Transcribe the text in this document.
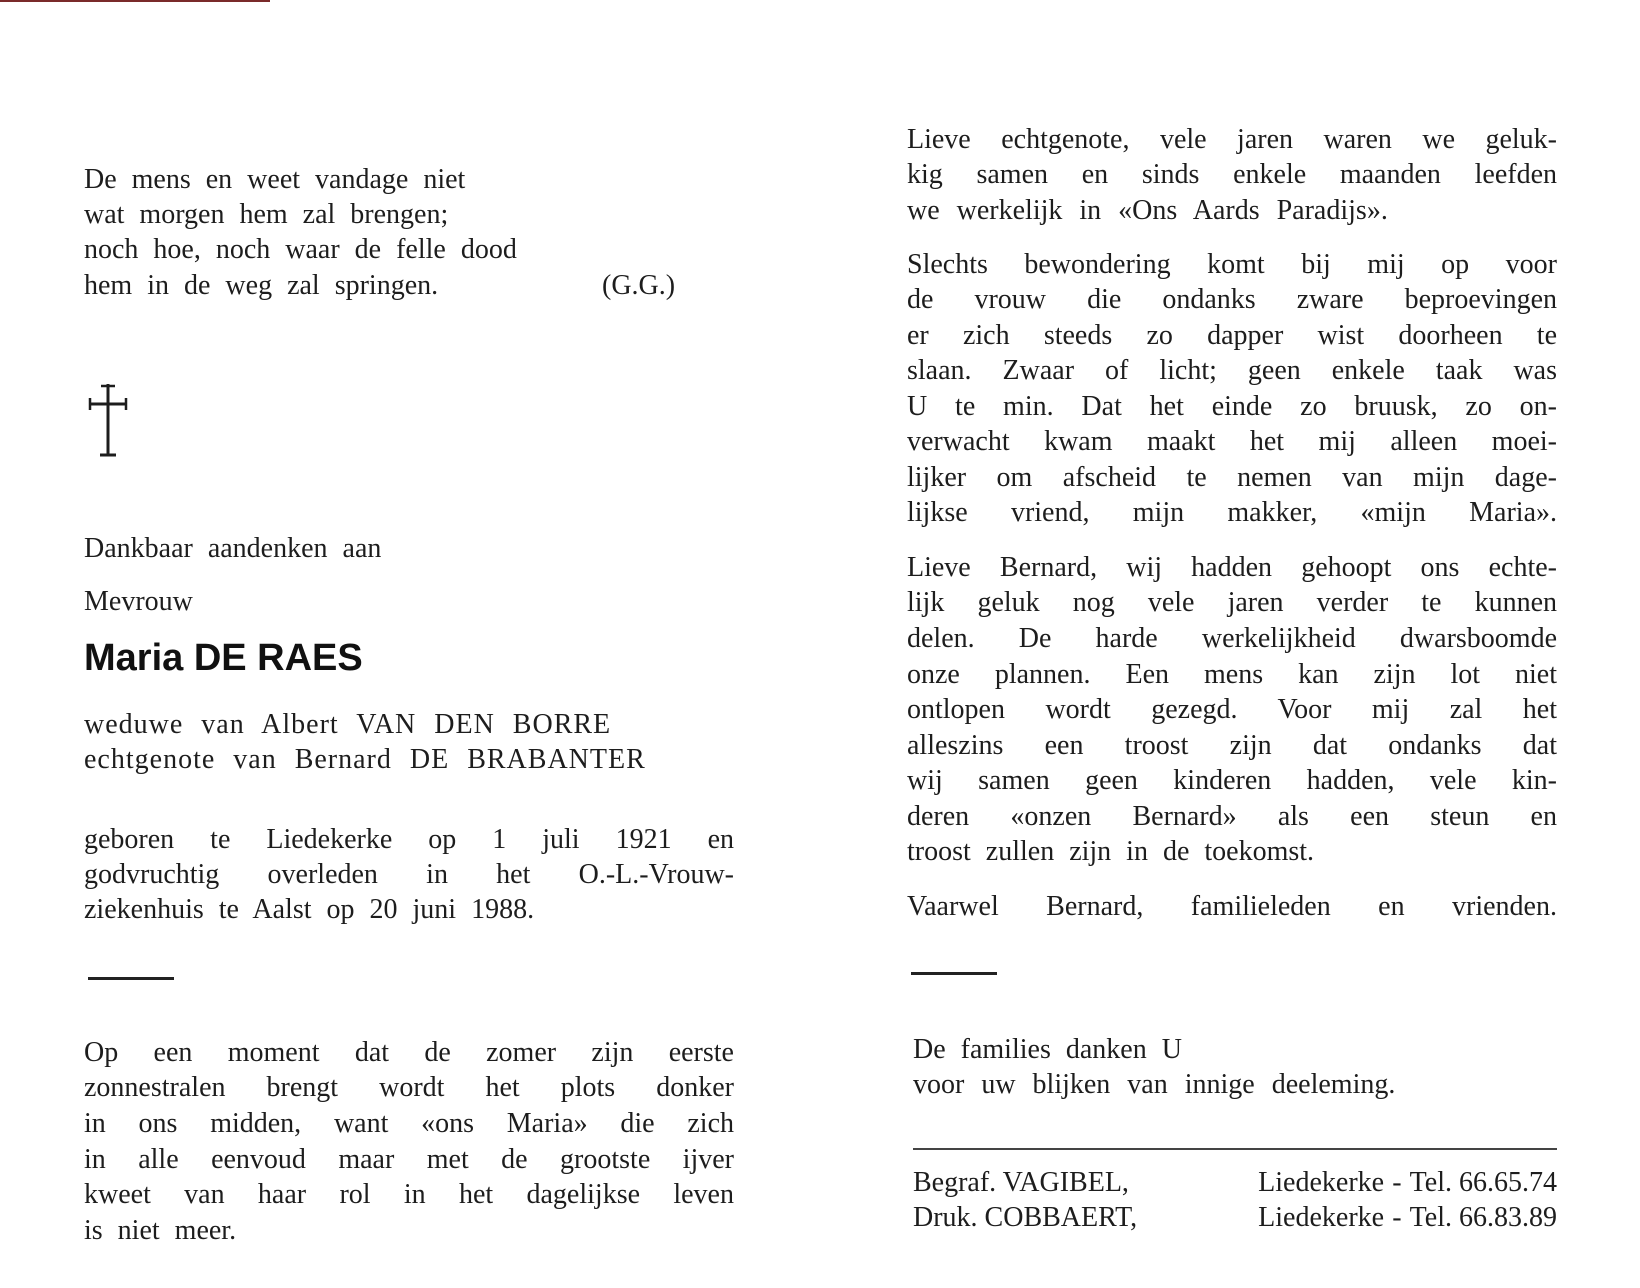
De mens en weet vandage niet
wat morgen hem zal brengen;
noch hoe, noch waar de felle dood
hem in de weg zal springen.	(G.G.)
Dankbaar aandenken aan
Mevrouw
Maria DE RAES
weduwe van Albert VAN DEN BORRE
echtgenote van Bernard DE BRABANTER
geboren te Liedekerke op 1 juli 1921 en
godvruchtig overleden in het O.-L.-Vrouw-
ziekenhuis te Aalst op 20 juni 1988.
Op een moment dat de zomer zijn eerste
zonnestralen brengt wordt het plots donker
in ons midden, want «ons Maria» die zich
in alle eenvoud maar met de grootste ijver
kweet van haar rol in het dagelijkse leven
is niet meer.
Lieve echtgenote, vele jaren waren we geluk-
kig samen en sinds enkele maanden leefden
we werkelijk in «Ons Aards Paradijs».
Slechts bewondering komt bij mij op voor
de vrouw die ondanks zware beproevingen
er zich steeds zo dapper wist doorheen te
slaan. Zwaar of licht; geen enkele taak was
U te min. Dat het einde zo bruusk, zo on-
verwacht kwam maakt het mij alleen moei-
lijker om afscheid te nemen van mijn dage-
lijkse vriend, mijn makker, «mijn Maria».
Lieve Bernard, wij hadden gehoopt ons echte-
lijk geluk nog vele jaren verder te kunnen
delen. De harde werkelijkheid dwarsboomde
onze plannen. Een mens kan zijn lot niet
ontlopen wordt gezegd. Voor mij zal het
alleszins een troost zijn dat ondanks dat
wij samen geen kinderen hadden, vele kin-
deren «onzen Bernard» als een steun en
troost zullen zijn in de toekomst.
Vaarwel Bernard, familieleden en vrienden.
De families danken U
voor uw blijken van innige deeleming.
Begraf. VAGIBEL,	Liedekerke - Tel. 66.65.74
Druk. COBBAERT,	Liedekerke - Tel. 66.83.89
